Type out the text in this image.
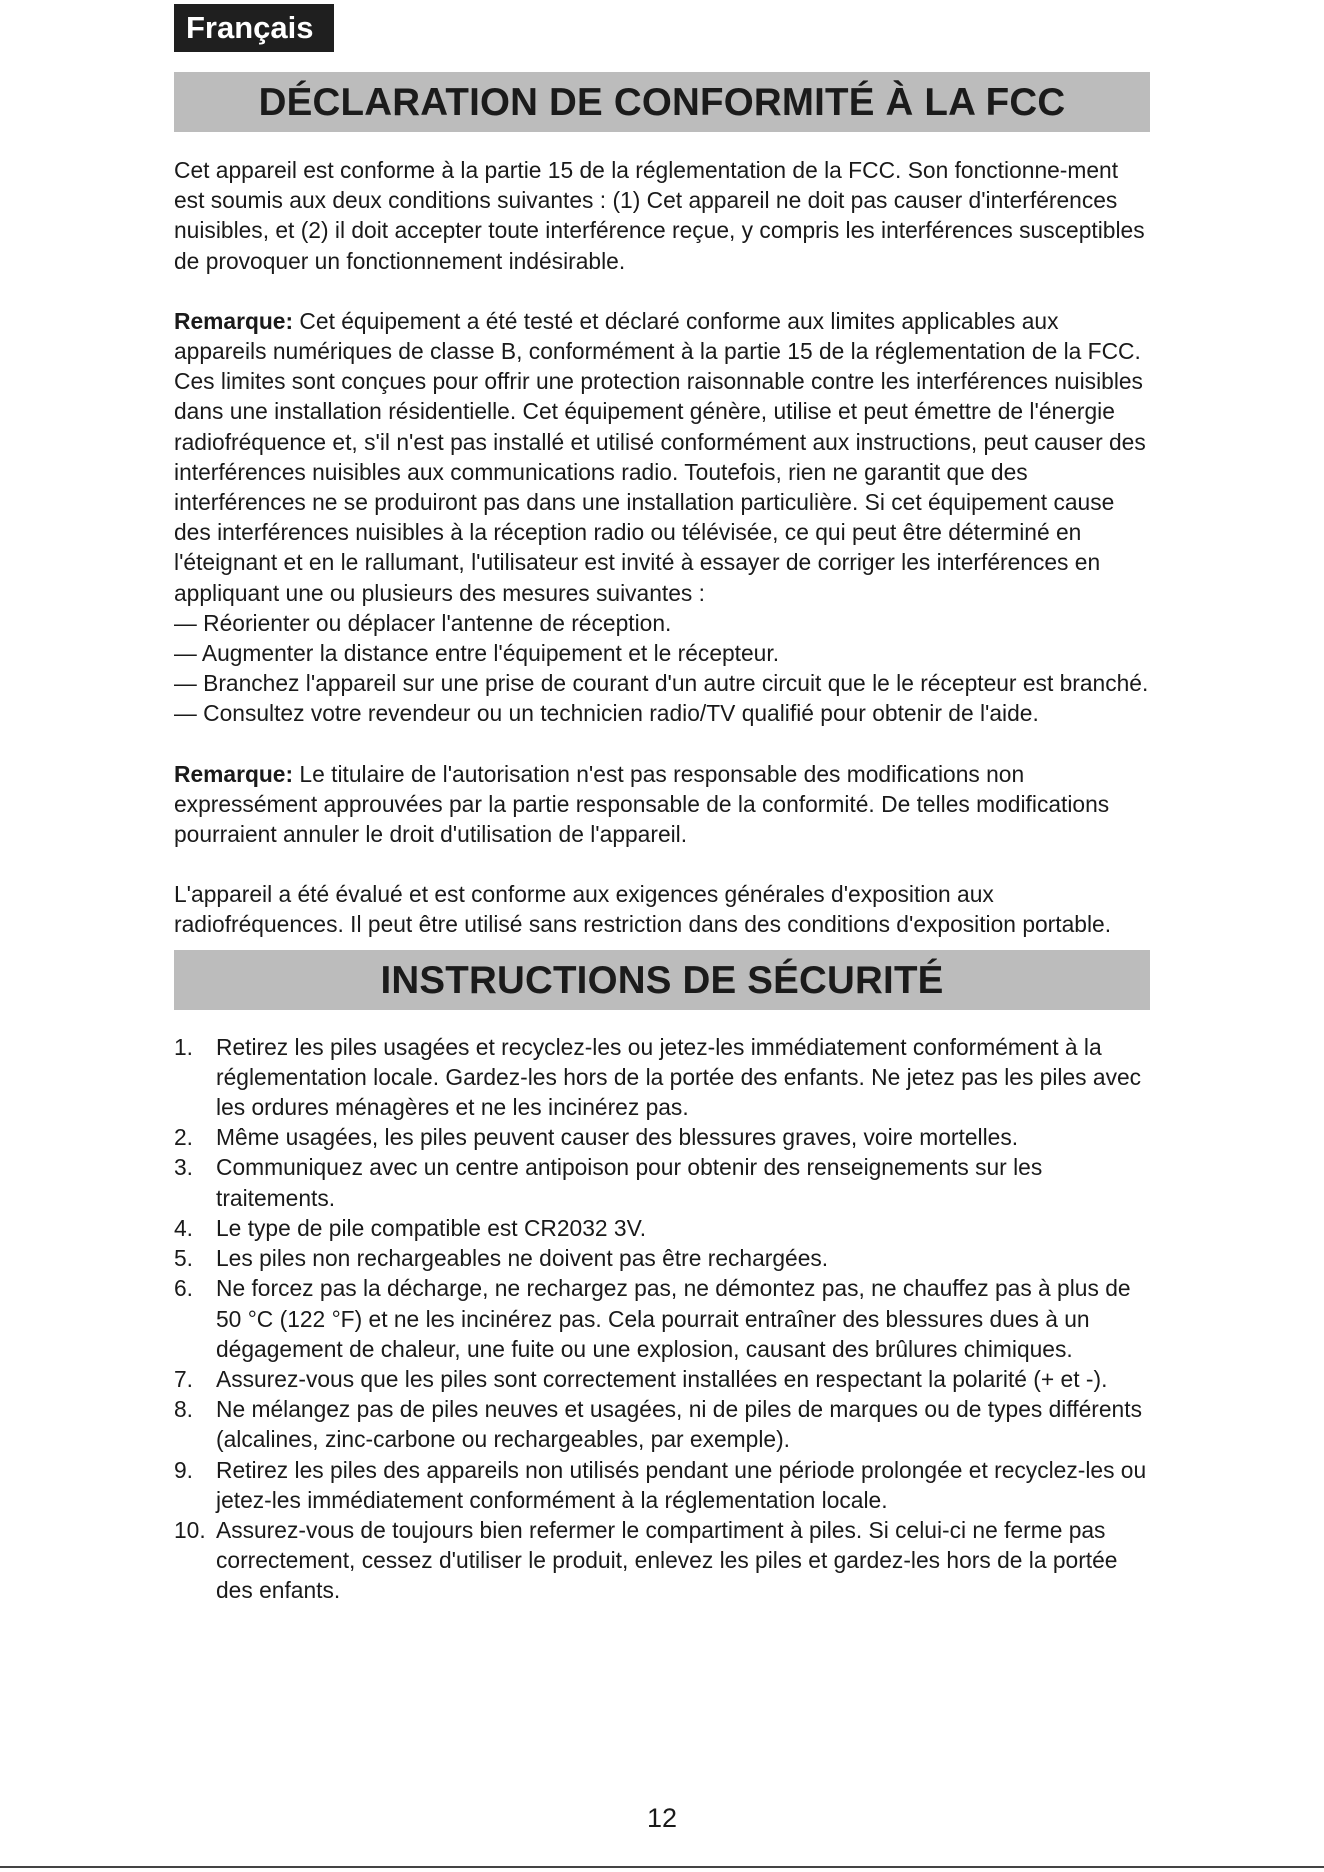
Français
DÉCLARATION DE CONFORMITÉ À LA FCC

Cet appareil est conforme à la partie 15 de la réglementation de la FCC. Son fonctionne-ment est soumis aux deux conditions suivantes : (1) Cet appareil ne doit pas causer d'interférences nuisibles, et (2) il doit accepter toute interférence reçue, y compris les interférences susceptibles de provoquer un fonctionnement indésirable.

Remarque: Cet équipement a été testé et déclaré conforme aux limites applicables aux appareils numériques de classe B, conformément à la partie 15 de la réglementation de la FCC. Ces limites sont conçues pour offrir une protection raisonnable contre les interférences nuisibles dans une installation résidentielle. Cet équipement génère, utilise et peut émettre de l'énergie radiofréquence et, s'il n'est pas installé et utilisé conformément aux instructions, peut causer des interférences nuisibles aux communications radio. Toutefois, rien ne garantit que des interférences ne se produiront pas dans une installation particulière. Si cet équipement cause des interférences nuisibles à la réception radio ou télévisée, ce qui peut être déterminé en l'éteignant et en le rallumant, l'utilisateur est invité à essayer de corriger les interférences en appliquant une ou plusieurs des mesures suivantes :

— Réorienter ou déplacer l'antenne de réception.

— Augmenter la distance entre l'équipement et le récepteur.

— Branchez l'appareil sur une prise de courant d'un autre circuit que le le récepteur est branché.

— Consultez votre revendeur ou un technicien radio/TV qualifié pour obtenir de l'aide.

Remarque: Le titulaire de l'autorisation n'est pas responsable des modifications non expressément approuvées par la partie responsable de la conformité. De telles modifications pourraient annuler le droit d'utilisation de l'appareil.

L'appareil a été évalué et est conforme aux exigences générales d'exposition aux radiofréquences. Il peut être utilisé sans restriction dans des conditions d'exposition portable.

INSTRUCTIONS DE SÉCURITÉ
1.	Retirez les piles usagées et recyclez-les ou jetez-les immédiatement conformément à la réglementation locale. Gardez-les hors de la portée des enfants. Ne jetez pas les piles avec les ordures ménagères et ne les incinérez pas.
2.	Même usagées, les piles peuvent causer des blessures graves, voire mortelles.
3.	Communiquez avec un centre antipoison pour obtenir des renseignements sur les traitements.
4.	Le type de pile compatible est CR2032 3V.
5.	Les piles non rechargeables ne doivent pas être rechargées.
6.	Ne forcez pas la décharge, ne rechargez pas, ne démontez pas, ne chauffez pas à plus de 50 °C (122 °F) et ne les incinérez pas. Cela pourrait entraîner des blessures dues à un dégagement de chaleur, une fuite ou une explosion, causant des brûlures chimiques.
7.	Assurez-vous que les piles sont correctement installées en respectant la polarité (+ et -).
8.	Ne mélangez pas de piles neuves et usagées, ni de piles de marques ou de types différents (alcalines, zinc-carbone ou rechargeables, par exemple).
9.	Retirez les piles des appareils non utilisés pendant une période prolongée et recyclez-les ou jetez-les immédiatement conformément à la réglementation locale.
10. Assurez-vous de toujours bien refermer le compartiment à piles. Si celui-ci ne ferme pas correctement, cessez d'utiliser le produit, enlevez les piles et gardez-les hors de la portée des enfants.
12
